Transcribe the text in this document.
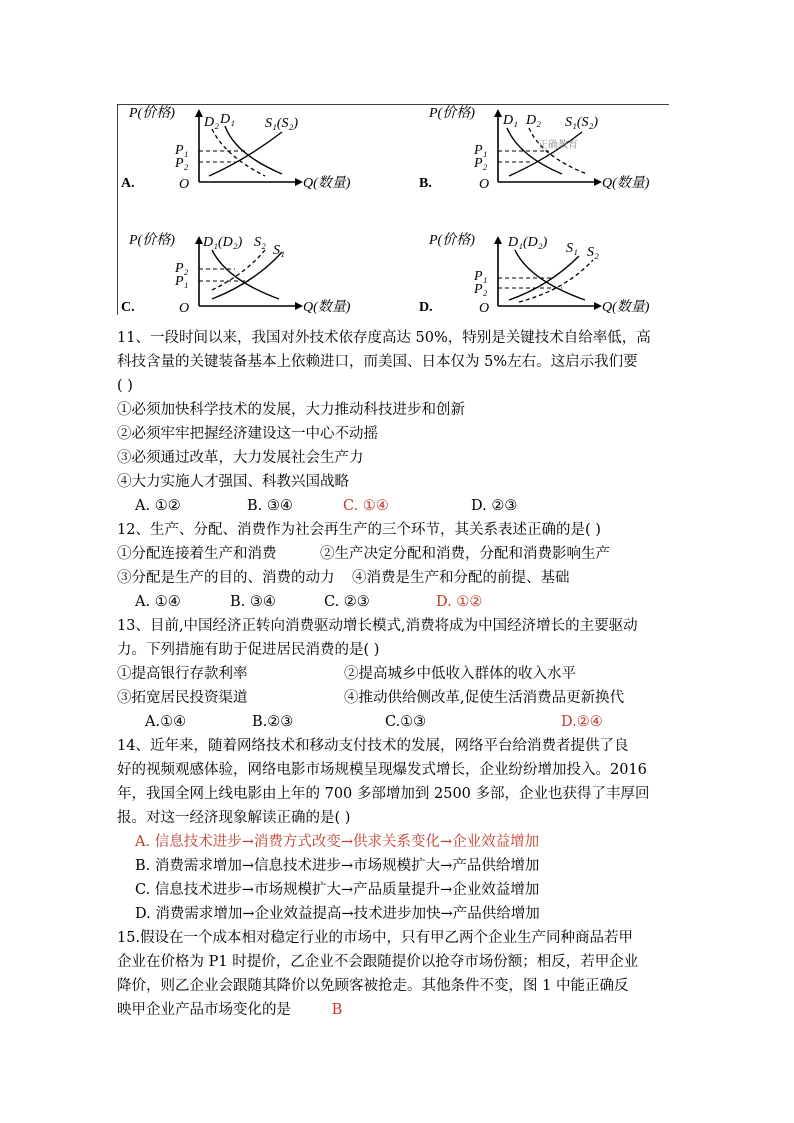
A.
P(价格)
O	Q(数量)
D₂ D₁ S₁(S₂)
P₁
P₂
B.
P(价格)
O	Q(数量)
D₁ D₂ S₁(S₂)
P₁
P₂
正确教育
C.
P(价格)
O	Q(数量)
D₁(D₂) S₂
S₁
P₂
P₁
D.
P(价格)
O	Q(数量)
D₁(D₂) S₁ S₂
P₁
P₂
11、一段时间以来，我国对外技术依存度高达 50%，特别是关键技术自给率低，高
科技含量的关键装备基本上依赖进口，而美国、日本仅为 5%左右。这启示我们要
( )
①必须加快科学技术的发展，大力推动科技进步和创新
②必须牢牢把握经济建设这一中心不动摇
③必须通过改革，大力发展社会生产力
④大力实施人才强国、科教兴国战略
A. ①②	B. ③④	C. ①④	D. ②③
12、生产、分配、消费作为社会再生产的三个环节，其关系表述正确的是( )
①分配连接着生产和消费	②生产决定分配和消费，分配和消费影响生产
③分配是生产的目的、消费的动力	④消费是生产和分配的前提、基础
A. ①④	B. ③④	C. ②③	D. ①②
13、目前,中国经济正转向消费驱动增长模式,消费将成为中国经济增长的主要驱动
力。下列措施有助于促进居民消费的是( )
①提高银行存款利率	②提高城乡中低收入群体的收入水平
③拓宽居民投资渠道	④推动供给侧改革,促使生活消费品更新换代
A.①④	B.②③	C.①③	D.②④
14、近年来，随着网络技术和移动支付技术的发展，网络平台给消费者提供了良
好的视频观感体验，网络电影市场规模呈现爆发式增长，企业纷纷增加投入。2016
年，我国全网上线电影由上年的 700 多部增加到 2500 多部，企业也获得了丰厚回
报。对这一经济现象解读正确的是( )
A. 信息技术进步→消费方式改变→供求关系变化→企业效益增加
B. 消费需求增加→信息技术进步→市场规模扩大→产品供给增加
C. 信息技术进步→市场规模扩大→产品质量提升→企业效益增加
D. 消费需求增加→企业效益提高→技术进步加快→产品供给增加
15.假设在一个成本相对稳定行业的市场中，只有甲乙两个企业生产同种商品若甲
企业在价格为 P1 时提价，乙企业不会跟随提价以抢夺市场份额；相反，若甲企业
降价，则乙企业会跟随其降价以免顾客被抢走。其他条件不变，图 1 中能正确反
映甲企业产品市场变化的是	B
